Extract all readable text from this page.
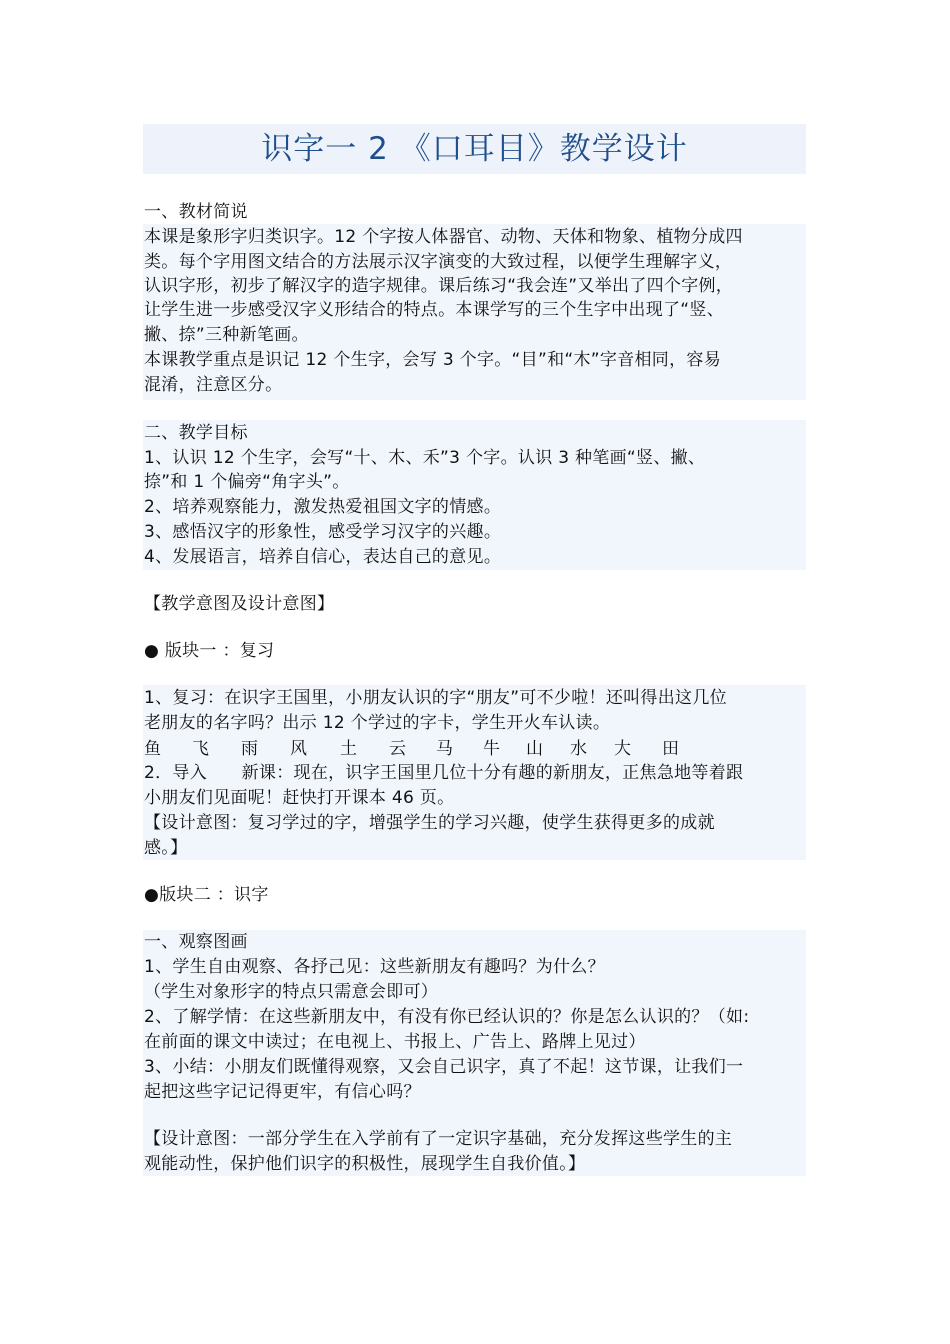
识字一 2 《口耳目》教学设计
一、教材简说
本课是象形字归类识字。12 个字按人体器官、动物、天体和物象、植物分成四
类。每个字用图文结合的方法展示汉字演变的大致过程，以便学生理解字义，
认识字形，初步了解汉字的造字规律。课后练习“我会连”又举出了四个字例，
让学生进一步感受汉字义形结合的特点。本课学写的三个生字中出现了“竖、
撇、捺”三种新笔画。
本课教学重点是识记 12 个生字，会写 3 个字。“目”和“木”字音相同，容易
混淆，注意区分。
二、教学目标
1、认识 12 个生字，会写“十、木、禾”3 个字。认识 3 种笔画“竖、撇、
捺”和 1 个偏旁“角字头”。
2、培养观察能力，激发热爱祖国文字的情感。
3、感悟汉字的形象性，感受学习汉字的兴趣。
4、发展语言，培养自信心，表达自己的意见。
【教学意图及设计意图】
● 版块一 ：复习
1、复习：在识字王国里，小朋友认识的字“朋友”可不少啦！还叫得出这几位
老朋友的名字吗？出示 12 个学过的字卡，学生开火车认读。
鱼 飞 雨 风 土 云 马 牛 山 水 大 田
2．导入　　新课：现在，识字王国里几位十分有趣的新朋友，正焦急地等着跟
小朋友们见面呢！赶快打开课本 46 页。
【设计意图：复习学过的字，增强学生的学习兴趣，使学生获得更多的成就
感。】
●版块二 ：识字
一、观察图画
1、学生自由观察、各抒己见：这些新朋友有趣吗？为什么？
（学生对象形字的特点只需意会即可）
2、了解学情：在这些新朋友中，有没有你已经认识的？你是怎么认识的？（如:
在前面的课文中读过；在电视上、书报上、广告上、路牌上见过）
3、小结：小朋友们既懂得观察，又会自己识字，真了不起！这节课，让我们一
起把这些字记记得更牢，有信心吗？
【设计意图：一部分学生在入学前有了一定识字基础，充分发挥这些学生的主
观能动性，保护他们识字的积极性，展现学生自我价值。】
